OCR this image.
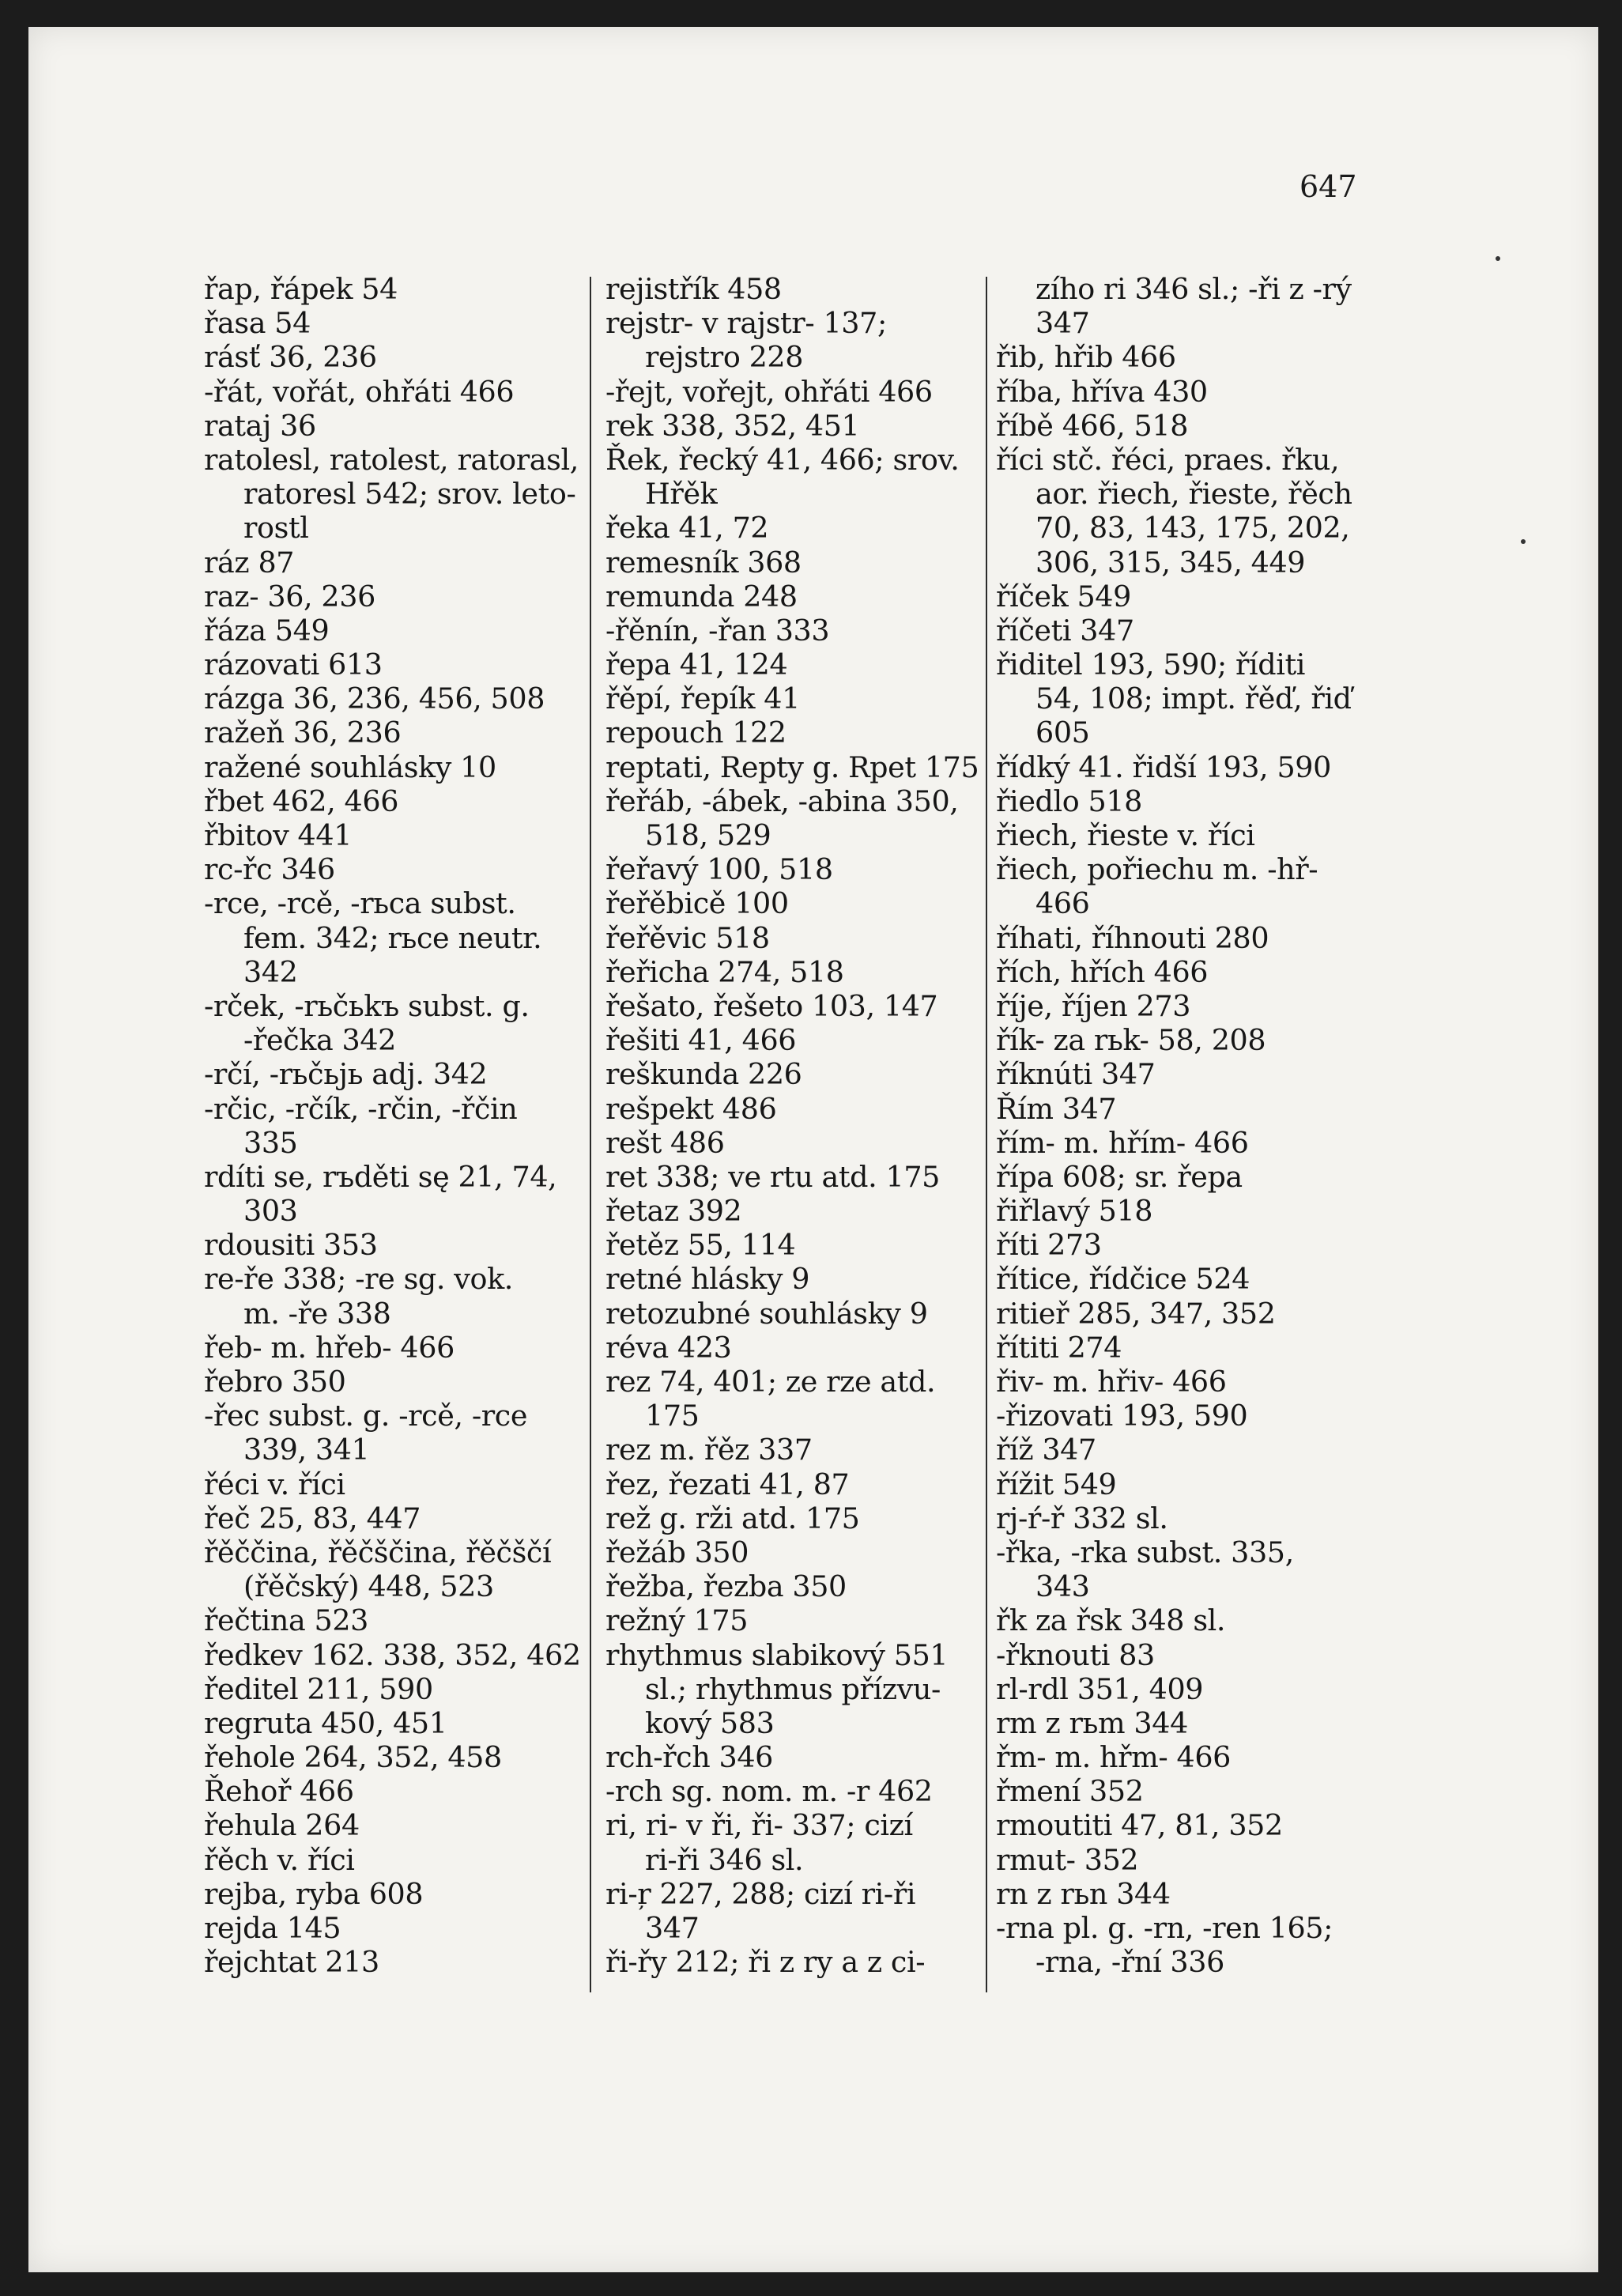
647
řap, řápek 54
řasa 54
rásť 36, 236
-řát, vořát, ohřáti 466
rataj 36
ratolesl, ratolest, ratorasl,
ratoresl 542; srov. leto-
rostl
ráz 87
raz- 36, 236
řáza 549
rázovati 613
rázga 36, 236, 456, 508
ražeň 36, 236
ražené souhlásky 10
řbet 462, 466
řbitov 441
rc-řc 346
-rce, -rcě, -rьca subst.
fem. 342; rьce neutr.
342
-rček, -rьčьkъ subst. g.
-řečka 342
-rčí, -rьčьjь adj. 342
-rčic, -rčík, -rčin, -řčin
335
rdíti se, rъděti sę 21, 74,
303
rdousiti 353
re-ře 338; -re sg. vok.
m. -ře 338
řeb- m. hřeb- 466
řebro 350
-řec subst. g. -rcě, -rce
339, 341
řéci v. říci
řeč 25, 83, 447
řěččina, řěčščina, řěčščí
(řěčský) 448, 523
řečtina 523
ředkev 162. 338, 352, 462
ředitel 211, 590
regruta 450, 451
řehole 264, 352, 458
Řehoř 466
řehula 264
řěch v. říci
rejba, ryba 608
rejda 145
řejchtat 213
rejistřík 458
rejstr- v rajstr- 137;
rejstro 228
-řejt, vořejt, ohřáti 466
rek 338, 352, 451
Řek, řecký 41, 466; srov.
Hřěk
řeka 41, 72
remesník 368
remunda 248
-řěnín, -řan 333
řepa 41, 124
řěpí, řepík 41
repouch 122
reptati, Repty g. Rpet 175
řeřáb, -ábek, -abina 350,
518, 529
řeřavý 100, 518
řeřěbicě 100
řeřěvic 518
řeřicha 274, 518
řešato, řešeto 103, 147
řešiti 41, 466
reškunda 226
rešpekt 486
rešt 486
ret 338; ve rtu atd. 175
řetaz 392
řetěz 55, 114
retné hlásky 9
retozubné souhlásky 9
réva 423
rez 74, 401; ze rze atd.
175
rez m. řěz 337
řez, řezati 41, 87
rež g. rži atd. 175
řežáb 350
řežba, řezba 350
režný 175
rhythmus slabikový 551
sl.; rhythmus přízvu-
kový 583
rch-řch 346
-rch sg. nom. m. -r 462
ri, ri- v ři, ři- 337; cizí
ri-ři 346 sl.
ri-ŗ 227, 288; cizí ri-ři
347
ři-řy 212; ři z ry a z ci-
zího ri 346 sl.; -ři z -rý
347
řib, hřib 466
říba, hříva 430
říbě 466, 518
říci stč. řéci, praes. řku,
aor. řiech, řieste, řěch
70, 83, 143, 175, 202,
306, 315, 345, 449
říček 549
říčeti 347
řiditel 193, 590; říditi
54, 108; impt. řěď, řiď
605
řídký 41. řidší 193, 590
řiedlo 518
řiech, řieste v. říci
řiech, pořiechu m. -hř-
466
říhati, říhnouti 280
řích, hřích 466
říje, říjen 273
řík- za rьk- 58, 208
říknúti 347
Řím 347
řím- m. hřím- 466
řípa 608; sr. řepa
řiřlavý 518
říti 273
řítice, řídčice 524
ritieř 285, 347, 352
řítiti 274
řiv- m. hřiv- 466
-řizovati 193, 590
říž 347
řížit 549
rj-ŕ-ř 332 sl.
-řka, -rka subst. 335,
343
řk za řsk 348 sl.
-řknouti 83
rl-rdl 351, 409
rm z rьm 344
řm- m. hřm- 466
řmení 352
rmoutiti 47, 81, 352
rmut- 352
rn z rьn 344
-rna pl. g. -rn, -ren 165;
-rna, -řní 336
